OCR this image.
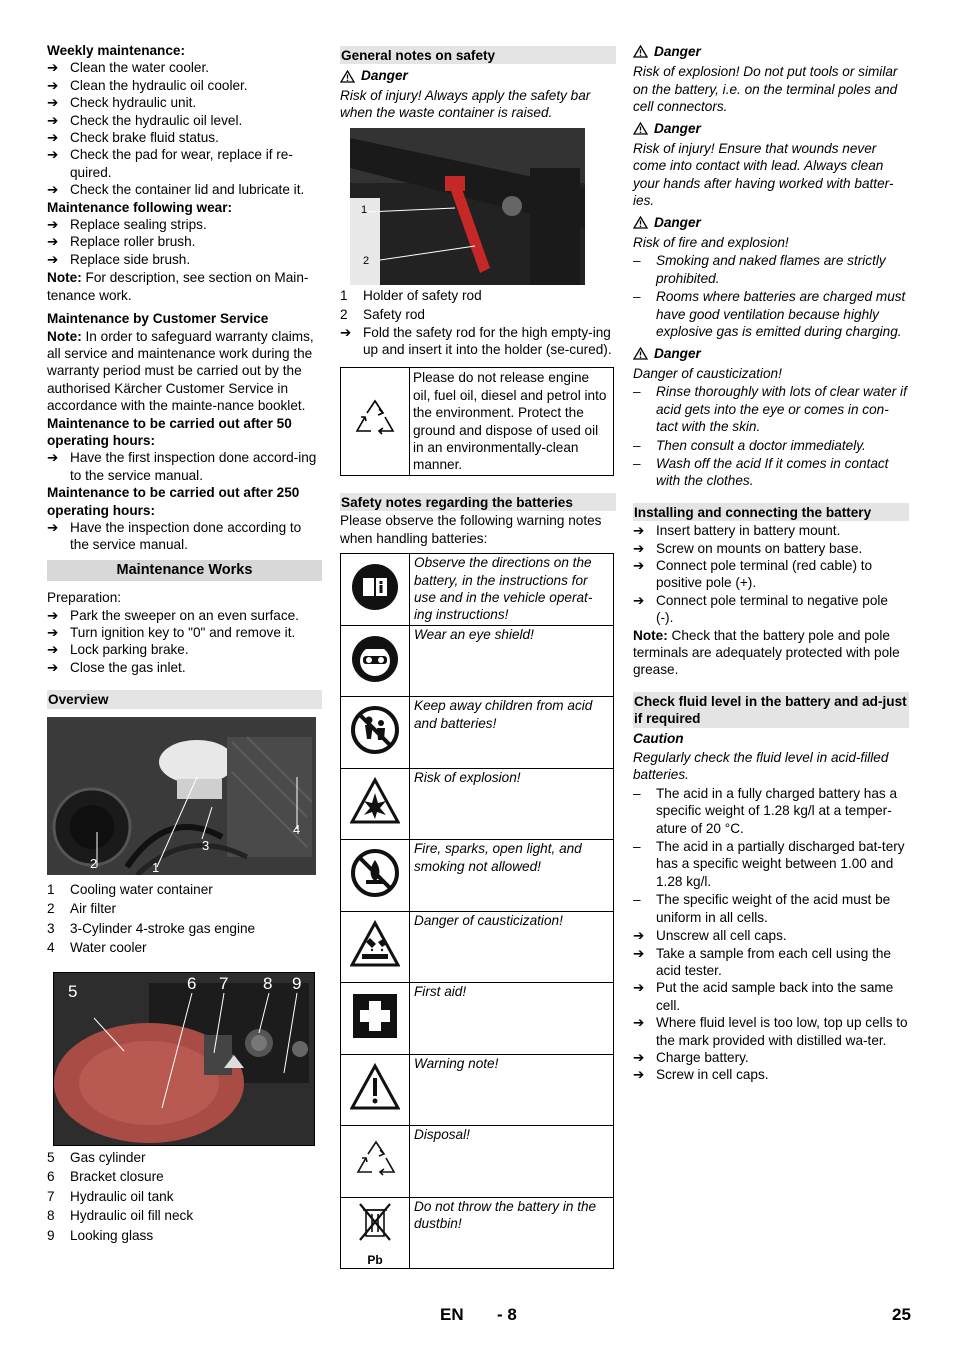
Weekly maintenance:

➔ Clean the water cooler.
➔ Clean the hydraulic oil cooler.
➔ Check hydraulic unit.
➔ Check the hydraulic oil level.
➔ Check brake fluid status.
➔ Check the pad for wear, replace if re-quired.
➔ Check the container lid and lubricate it.

Maintenance following wear:

➔ Replace sealing strips.
➔ Replace roller brush.
➔ Replace side brush.

Note: For description, see section on Main-tenance work.

Maintenance by Customer Service

Note: In order to safeguard warranty claims, all service and maintenance work during the warranty period must be carried out by the authorised Kärcher Customer Service in accordance with the mainte-nance booklet.

Maintenance to be carried out after 50 operating hours:

➔ Have the first inspection done accord-ing to the service manual.

Maintenance to be carried out after 250 operating hours:

➔ Have the inspection done according to the service manual.
Maintenance Works

Preparation:

➔ Park the sweeper on an even surface.
➔ Turn ignition key to "0" and remove it.
➔ Lock parking brake.
➔ Close the gas inlet.
Overview
1
2
3
4
1	Cooling water container
2	Air filter
3	3-Cylinder 4-stroke gas engine
4	Water cooler
5	6 7 8 9
5	Gas cylinder
6	Bracket closure
7	Hydraulic oil tank
8	Hydraulic oil fill neck
9	Looking glass
General notes on safety
Danger

Risk of injury! Always apply the safety bar when the waste container is raised.

1
2
1	Holder of safety rod
2	Safety rod
➔ Fold the safety rod for the high empty-ing up and insert it into the holder (se-cured).
	Please do not release engine oil, fuel oil, diesel and petrol into the environment. Protect the ground and dispose of used oil in an environmentally-clean manner.
Safety notes regarding the batteries

Please observe the following warning notes when handling batteries:

	Observe the directions on the battery, in the instructions for use and in the vehicle operat-ing instructions!
	Wear an eye shield!
	Keep away children from acid and batteries!
	Risk of explosion!
	Fire, sparks, open light, and smoking not allowed!
	Danger of causticization!
	First aid!
	Warning note!
	Disposal!

Pb	Do not throw the battery in the dustbin!
Danger

Risk of explosion! Do not put tools or similar on the battery, i.e. on the terminal poles and cell connectors.

Danger

Risk of injury! Ensure that wounds never come into contact with lead. Always clean your hands after having worked with batter-ies.

Danger

Risk of fire and explosion!

–	Smoking and naked flames are strictly prohibited.
–	Rooms where batteries are charged must have good ventilation because highly explosive gas is emitted during charging.
Danger

Danger of causticization!

–	Rinse thoroughly with lots of clear water if acid gets into the eye or comes in con-tact with the skin.
–	Then consult a doctor immediately.
–	Wash off the acid If it comes in contact with the clothes.
Installing and connecting the battery
➔ Insert battery in battery mount.
➔ Screw on mounts on battery base.
➔ Connect pole terminal (red cable) to positive pole (+).
➔ Connect pole terminal to negative pole (-).

Note: Check that the battery pole and pole terminals are adequately protected with pole grease.

Check fluid level in the battery and ad-just if required

Caution

Regularly check the fluid level in acid-filled batteries.

–	The acid in a fully charged battery has a specific weight of 1.28 kg/l at a temper-ature of 20 °C.
–	The acid in a partially discharged bat-tery has a specific weight between 1.00 and 1.28 kg/l.
–	The specific weight of the acid must be uniform in all cells.
➔ Unscrew all cell caps.
➔ Take a sample from each cell using the acid tester.
➔ Put the acid sample back into the same cell.
➔ Where fluid level is too low, top up cells to the mark provided with distilled wa-ter.
➔ Charge battery.
➔ Screw in cell caps.
EN - 8	25
